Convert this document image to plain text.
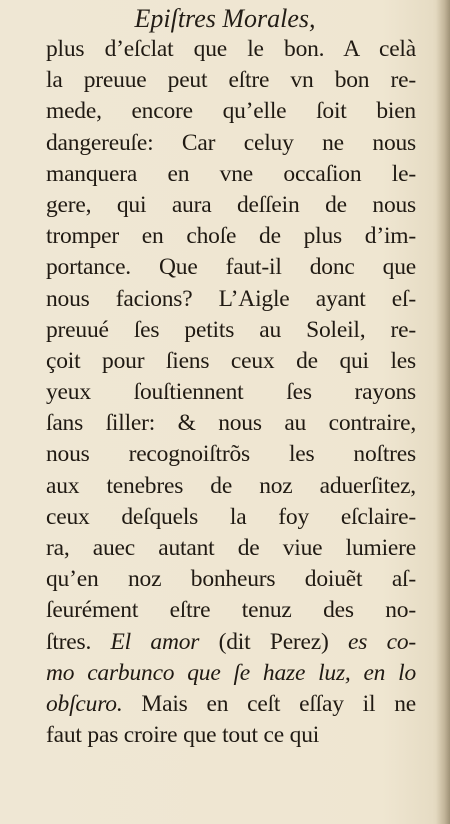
Epiſtres Morales,
plus d’eſclat que le bon. A celà
la preuue peut eſtre vn bon re-
mede, encore qu’elle ſoit bien
dangereuſe: Car celuy ne nous
manquera en vne occaſion le-
gere, qui aura deſſein de nous
tromper en choſe de plus d’im-
portance. Que faut-il donc que
nous facions? L’Aigle ayant eſ-
preuué ſes petits au Soleil, re-
çoit pour ſiens ceux de qui les
yeux ſouſtiennent ſes rayons
ſans ſiller: & nous au contraire,
nous recognoiſtrõs les noſtres
aux tenebres de noz aduerſitez,
ceux deſquels la foy eſclaire-
ra, auec autant de viue lumiere
qu’en noz bonheurs doiuẽt aſ-
ſeurément eſtre tenuz des no-
ſtres. El amor (dit Perez) es co-
mo carbunco que ſe haze luz, en lo
obſcuro. Mais en ceſt eſſay il ne
faut pas croire que tout ce qui
